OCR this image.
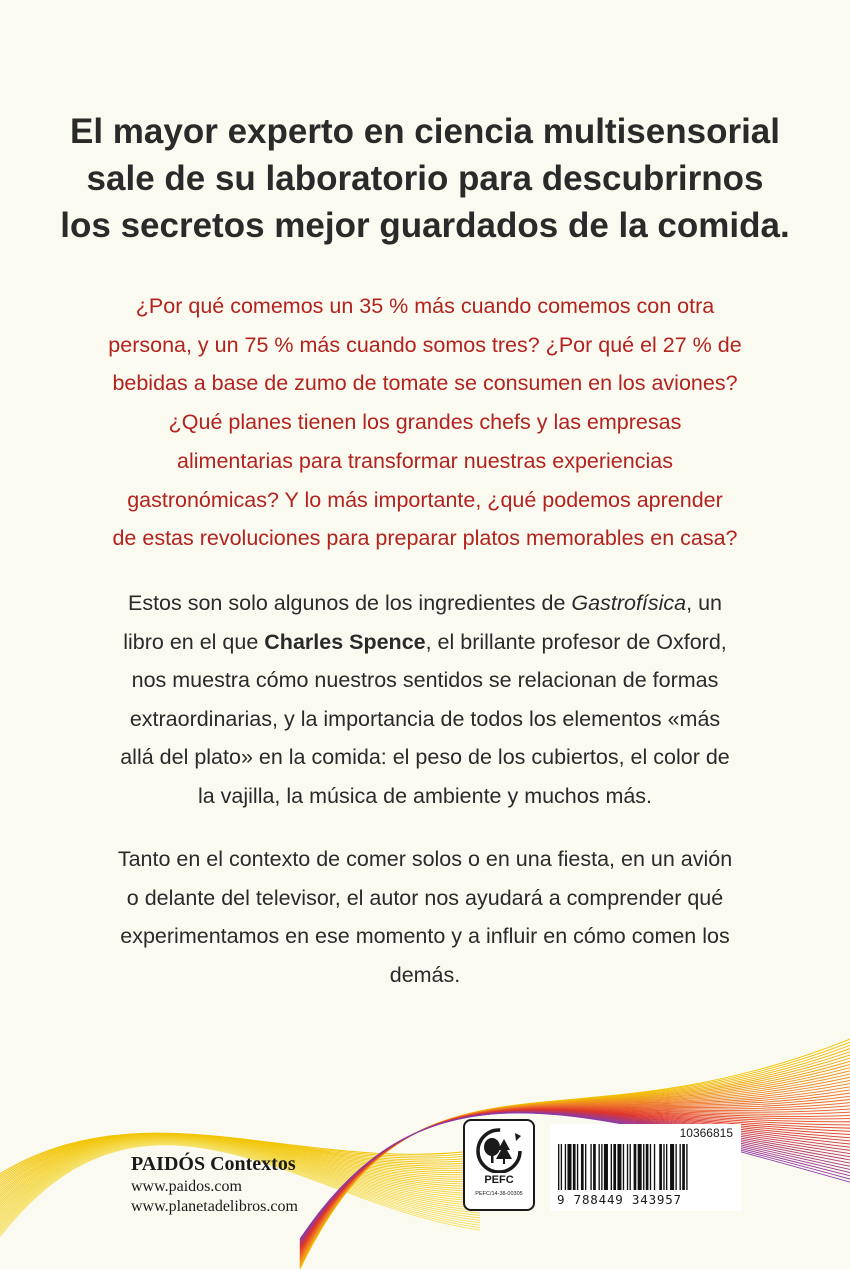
El mayor experto en ciencia multisensorial
sale de su laboratorio para descubrirnos
los secretos mejor guardados de la comida.
¿Por qué comemos un 35 % más cuando comemos con otra
persona, y un 75 % más cuando somos tres? ¿Por qué el 27 % de
bebidas a base de zumo de tomate se consumen en los aviones?
¿Qué planes tienen los grandes chefs y las empresas
alimentarias para transformar nuestras experiencias
gastronómicas? Y lo más importante, ¿qué podemos aprender
de estas revoluciones para preparar platos memorables en casa?
Estos son solo algunos de los ingredientes de Gastrofísica, un
libro en el que Charles Spence, el brillante profesor de Oxford,
nos muestra cómo nuestros sentidos se relacionan de formas
extraordinarias, y la importancia de todos los elementos «más
allá del plato» en la comida: el peso de los cubiertos, el color de
la vajilla, la música de ambiente y muchos más.
Tanto en el contexto de comer solos o en una fiesta, en un avión
o delante del televisor, el autor nos ayudará a comprender qué
experimentamos en ese momento y a influir en cómo comen los
demás.
PAIDÓS Contextos
www.paidos.com
www.planetadelibros.com
PEFC
PEFC/14-38-00305
10366815
9 788449 343957
